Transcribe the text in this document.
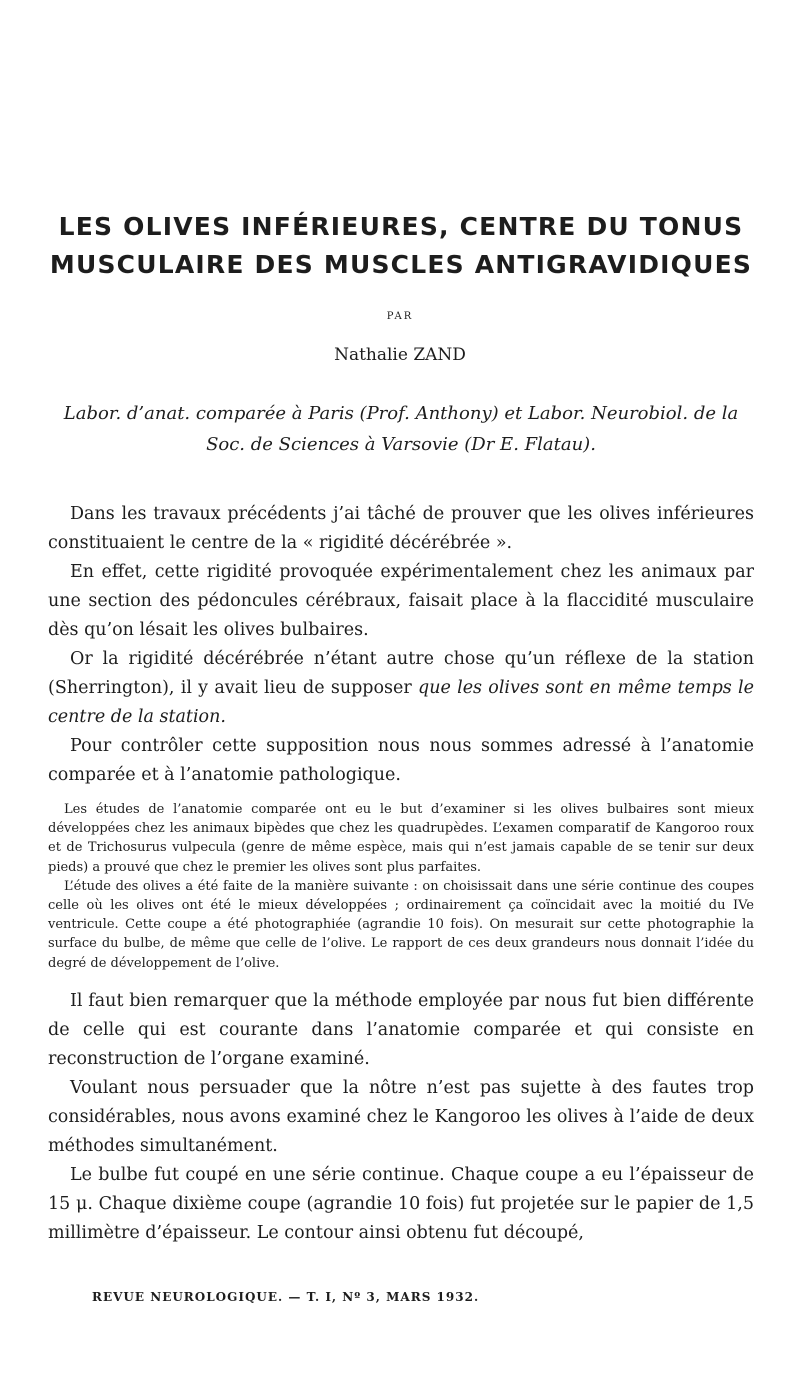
LES OLIVES INFÉRIEURES, CENTRE DU TONUS
MUSCULAIRE DES MUSCLES ANTIGRAVIDIQUES
PAR
Nathalie ZAND

Labor. d’anat. comparée à Paris (Prof. Anthony) et Labor. Neurobiol. de la
Soc. de Sciences à Varsovie (Dr E. Flatau).

Dans les travaux précédents j’ai tâché de prouver que les olives inférieures constituaient le centre de la « rigidité décérébrée ».

En effet, cette rigidité provoquée expérimentalement chez les animaux par une section des pédoncules cérébraux, faisait place à la flaccidité musculaire dès qu’on lésait les olives bulbaires.

Or la rigidité décérébrée n’étant autre chose qu’un réflexe de la station (Sherrington), il y avait lieu de supposer que les olives sont en même temps le centre de la station.

Pour contrôler cette supposition nous nous sommes adressé à l’anatomie comparée et à l’anatomie pathologique.

Les études de l’anatomie comparée ont eu le but d’examiner si les olives bulbaires sont mieux développées chez les animaux bipèdes que chez les quadrupèdes. L’examen comparatif de Kangoroo roux et de Trichosurus vulpecula (genre de même espèce, mais qui n’est jamais capable de se tenir sur deux pieds) a prouvé que chez le premier les olives sont plus parfaites.

L’étude des olives a été faite de la manière suivante : on choisissait dans une série continue des coupes celle où les olives ont été le mieux développées ; ordinairement ça coïncidait avec la moitié du IVe ventricule. Cette coupe a été photographiée (agrandie 10 fois). On mesurait sur cette photographie la surface du bulbe, de même que celle de l’olive. Le rapport de ces deux grandeurs nous donnait l’idée du degré de développement de l’olive.

Il faut bien remarquer que la méthode employée par nous fut bien différente de celle qui est courante dans l’anatomie comparée et qui consiste en reconstruction de l’organe examiné.

Voulant nous persuader que la nôtre n’est pas sujette à des fautes trop considérables, nous avons examiné chez le Kangoroo les olives à l’aide de deux méthodes simultanément.

Le bulbe fut coupé en une série continue. Chaque coupe a eu l’épaisseur de 15 μ. Chaque dixième coupe (agrandie 10 fois) fut projetée sur le papier de 1,5 millimètre d’épaisseur. Le contour ainsi obtenu fut découpé,

REVUE NEUROLOGIQUE. — T. I, Nº 3, MARS 1932.
